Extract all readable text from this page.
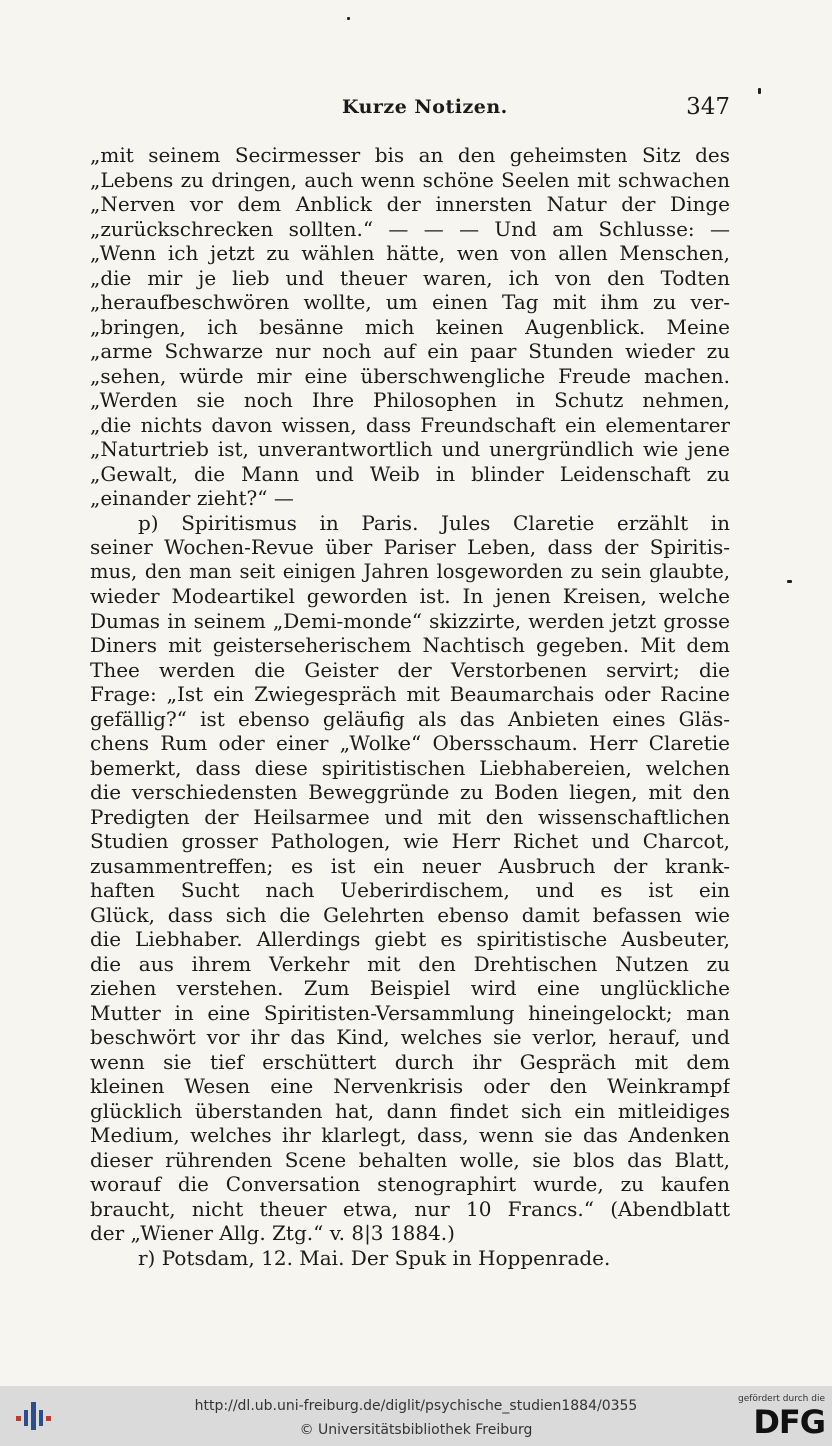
Kurze Notizen.	347
„mit seinem Secirmesser bis an den geheimsten Sitz des
„Lebens zu dringen, auch wenn schöne Seelen mit schwachen
„Nerven vor dem Anblick der innersten Natur der Dinge
„zurückschrecken sollten.“ — — — Und am Schlusse: —
„Wenn ich jetzt zu wählen hätte, wen von allen Menschen,
„die mir je lieb und theuer waren, ich von den Todten
„heraufbeschwören wollte, um einen Tag mit ihm zu ver-
„bringen, ich besänne mich keinen Augenblick. Meine
„arme Schwarze nur noch auf ein paar Stunden wieder zu
„sehen, würde mir eine überschwengliche Freude machen.
„Werden sie noch Ihre Philosophen in Schutz nehmen,
„die nichts davon wissen, dass Freundschaft ein elementarer
„Naturtrieb ist, unverantwortlich und unergründlich wie jene
„Gewalt, die Mann und Weib in blinder Leidenschaft zu
„einander zieht?“ —
p) Spiritismus in Paris. Jules Claretie erzählt in
seiner Wochen-Revue über Pariser Leben, dass der Spiritis-
mus, den man seit einigen Jahren losgeworden zu sein glaubte,
wieder Modeartikel geworden ist. In jenen Kreisen, welche
Dumas in seinem „Demi-monde“ skizzirte, werden jetzt grosse
Diners mit geisterseherischem Nachtisch gegeben. Mit dem
Thee werden die Geister der Verstorbenen servirt; die
Frage: „Ist ein Zwiegespräch mit Beaumarchais oder Racine
gefällig?“ ist ebenso geläufig als das Anbieten eines Gläs-
chens Rum oder einer „Wolke“ Obersschaum. Herr Claretie
bemerkt, dass diese spiritistischen Liebhabereien, welchen
die verschiedensten Beweggründe zu Boden liegen, mit den
Predigten der Heilsarmee und mit den wissenschaftlichen
Studien grosser Pathologen, wie Herr Richet und Charcot,
zusammentreffen; es ist ein neuer Ausbruch der krank-
haften Sucht nach Ueberirdischem, und es ist ein
Glück, dass sich die Gelehrten ebenso damit befassen wie
die Liebhaber. Allerdings giebt es spiritistische Ausbeuter,
die aus ihrem Verkehr mit den Drehtischen Nutzen zu
ziehen verstehen. Zum Beispiel wird eine unglückliche
Mutter in eine Spiritisten-Versammlung hineingelockt; man
beschwört vor ihr das Kind, welches sie verlor, herauf, und
wenn sie tief erschüttert durch ihr Gespräch mit dem
kleinen Wesen eine Nervenkrisis oder den Weinkrampf
glücklich überstanden hat, dann findet sich ein mitleidiges
Medium, welches ihr klarlegt, dass, wenn sie das Andenken
dieser rührenden Scene behalten wolle, sie blos das Blatt,
worauf die Conversation stenographirt wurde, zu kaufen
braucht, nicht theuer etwa, nur 10 Francs.“ (Abendblatt
der „Wiener Allg. Ztg.“ v. 8|3 1884.)
r) Potsdam, 12. Mai. Der Spuk in Hoppenrade.
http://dl.ub.uni-freiburg.de/diglit/psychische_studien1884/0355
© Universitätsbibliothek Freiburg
gefördert durch die
DFG
